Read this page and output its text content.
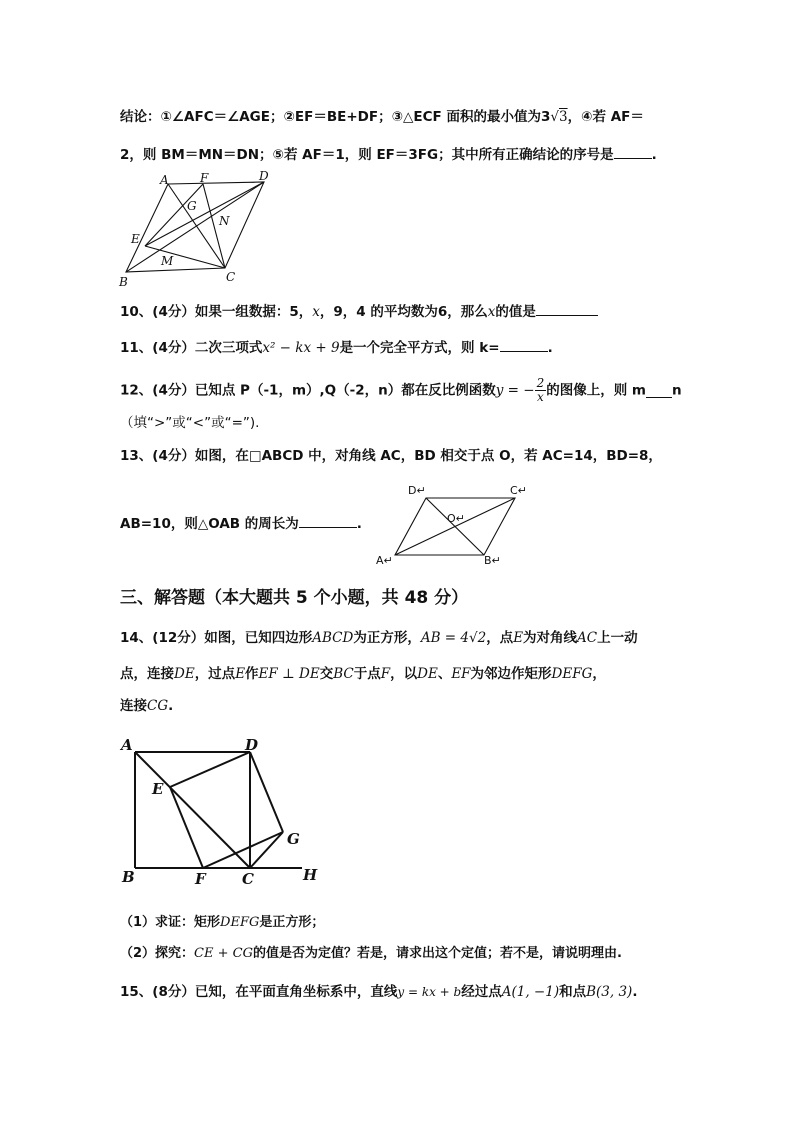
结论：①∠AFC＝∠AGE；②EF＝BE+DF；③△ECF 面积的最小值为3√3，④若 AF＝
2，则 BM＝MN＝DN；⑤若 AF＝1，则 EF＝3FG；其中所有正确结论的序号是	.
A	F	D
G
N
E
M
B	C
10、(4分）如果一组数据：5，x，9，4 的平均数为6，那么x的值是
11、(4分）二次三项式x² − kx + 9是一个完全平方式，则 k=	.
12、(4分）已知点 P（-1，m）,Q（-2，n）都在反比例函数y = − $\frac{2}{x}$ 的图像上，则 m n
（填“>”或“<”或“=”).
13、(4分）如图，在□ABCD 中，对角线 AC，BD 相交于点 O，若 AC=14，BD=8，
AB=10，则△OAB 的周长为	.
D↵	C↵
O↵
A↵	B↵
三、解答题（本大题共 5 个小题，共 48 分）
14、(12分）如图，已知四边形ABCD为正方形，AB = 4√2，点E为对角线AC上一动
点，连接DE，过点E作EF ⊥ DE交BC于点F，以DE、EF为邻边作矩形DEFG，
连接CG.
A	D
E
G
B	F C	H
（1）求证：矩形DEFG是正方形；
（2）探究：CE + CG的值是否为定值？若是，请求出这个定值；若不是，请说明理由.
15、(8分）已知，在平面直角坐标系中，直线y = kx + b经过点A(1, −1)和点B(3, 3).
